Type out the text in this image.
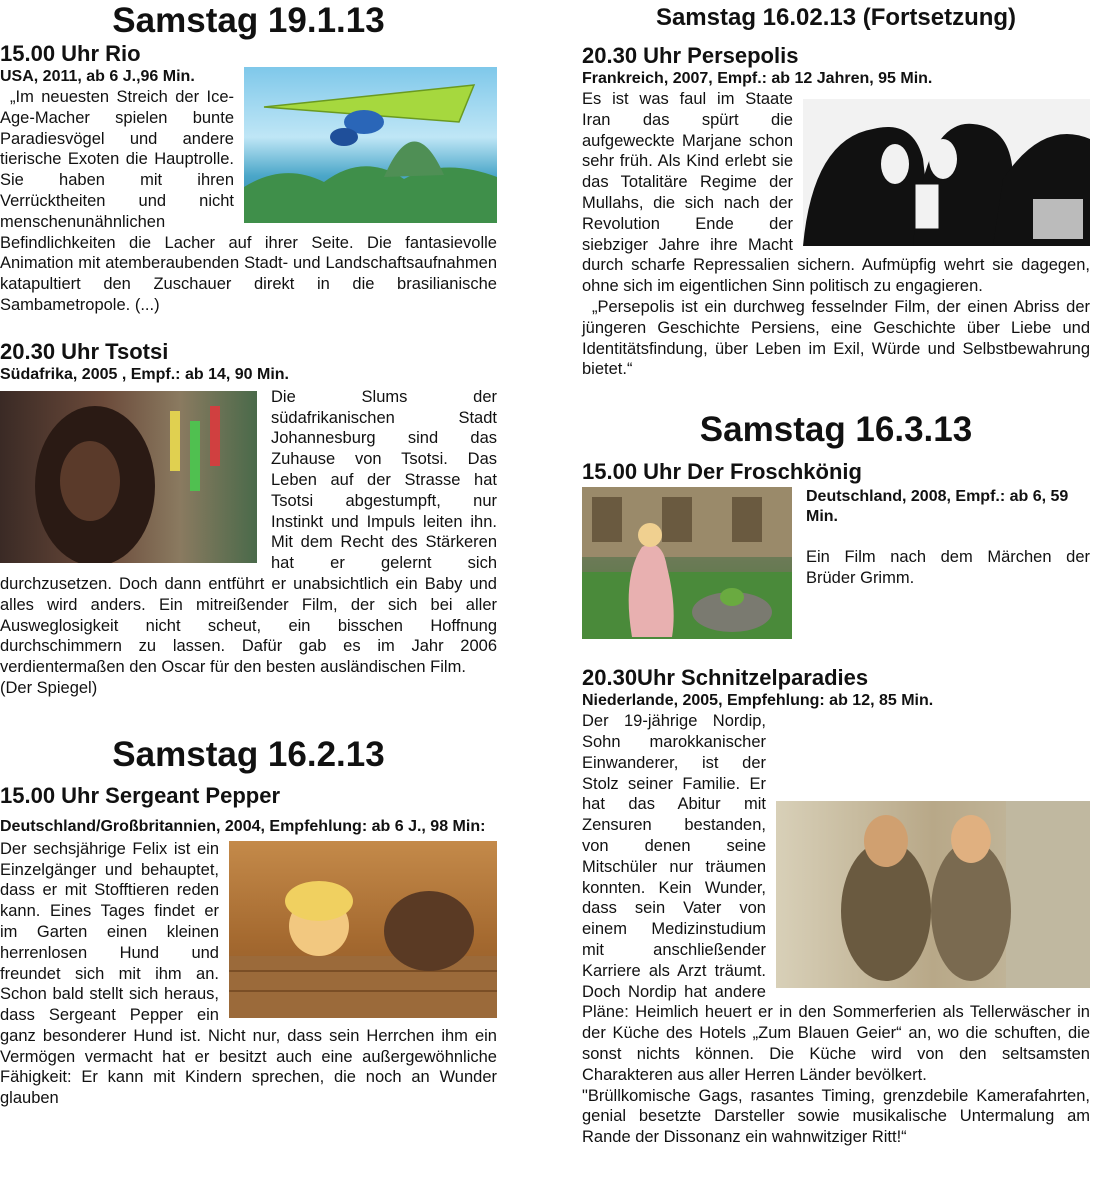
Samstag 19.1.13
15.00 Uhr Rio
USA, 2011, ab 6 J.,96 Min.

„Im neuesten Streich der Ice-Age-Macher spielen bunte Paradiesvögel und andere tierische Exoten die Hauptrolle. Sie haben mit ihren Verrücktheiten und nicht menschenunähnlichen Befindlichkeiten die Lacher auf ihrer Seite. Die fantasievolle Animation mit atemberaubenden Stadt- und Landschaftsaufnahmen katapultiert den Zuschauer direkt in die brasilianische Sambametropole. (...)

20.30 Uhr Tsotsi
Südafrika, 2005 , Empf.: ab 14, 90 Min.

Die Slums der südafrikanischen Stadt Johannesburg sind das Zuhause von Tsotsi. Das Leben auf der Strasse hat Tsotsi abgestumpft, nur Instinkt und Impuls leiten ihn. Mit dem Recht des Stärkeren hat er gelernt sich durchzusetzen. Doch dann entführt er unabsichtlich ein Baby und alles wird anders. Ein mitreißender Film, der sich bei aller Ausweglosigkeit nicht scheut, ein bisschen Hoffnung durchschimmern zu lassen. Dafür gab es im Jahr 2006 verdientermaßen den Oscar für den besten ausländischen Film.

(Der Spiegel)

Samstag 16.2.13
15.00 Uhr Sergeant Pepper
Deutschland/Großbritannien, 2004, Empfehlung: ab 6 J., 98 Min:

Der sechsjährige Felix ist ein Einzelgänger und behauptet, dass er mit Stofftieren reden kann. Eines Tages findet er im Garten einen kleinen herrenlosen Hund und freundet sich mit ihm an. Schon bald stellt sich heraus, dass Sergeant Pepper ein ganz besonderer Hund ist. Nicht nur, dass sein Herrchen ihm ein Vermögen vermacht hat er besitzt auch eine außergewöhnliche Fähigkeit: Er kann mit Kindern sprechen, die noch an Wunder glauben

Samstag 16.02.13 (Fortsetzung)
20.30 Uhr Persepolis
Frankreich, 2007, Empf.: ab 12 Jahren, 95 Min.

Es ist was faul im Staate Iran das spürt die aufgeweckte Marjane schon sehr früh. Als Kind erlebt sie das Totalitäre Regime der Mullahs, die sich nach der Revolution Ende der siebziger Jahre ihre Macht durch scharfe Repressalien sichern. Aufmüpfig wehrt sie dagegen, ohne sich im eigentlichen Sinn politisch zu engagieren.

„Persepolis ist ein durchweg fesselnder Film, der einen Abriss der jüngeren Geschichte Persiens, eine Geschichte über Liebe und Identitätsfindung, über Leben im Exil, Würde und Selbstbewahrung bietet.“

Samstag 16.3.13
15.00 Uhr Der Froschkönig
Deutschland, 2008, Empf.: ab 6, 59 Min.

Ein Film nach dem Märchen der Brüder Grimm.

20.30Uhr Schnitzelparadies
Niederlande, 2005, Empfehlung: ab 12, 85 Min.

Der 19-jährige Nordip, Sohn marokkanischer Einwanderer, ist der Stolz seiner Familie. Er hat das Abitur mit Zensuren bestanden, von denen seine Mitschüler nur träumen konnten. Kein Wunder, dass sein Vater von einem Medizinstudium mit anschließender Karriere als Arzt träumt. Doch Nordip hat andere Pläne: Heimlich heuert er in den Sommerferien als Tellerwäscher in der Küche des Hotels „Zum Blauen Geier“ an, wo die schuften, die sonst nichts können. Die Küche wird von den seltsamsten Charakteren aus aller Herren Länder bevölkert.

"Brüllkomische Gags, rasantes Timing, grenzdebile Kamerafahrten, genial besetzte Darsteller sowie musikalische Untermalung am Rande der Dissonanz ein wahnwitziger Ritt!“
